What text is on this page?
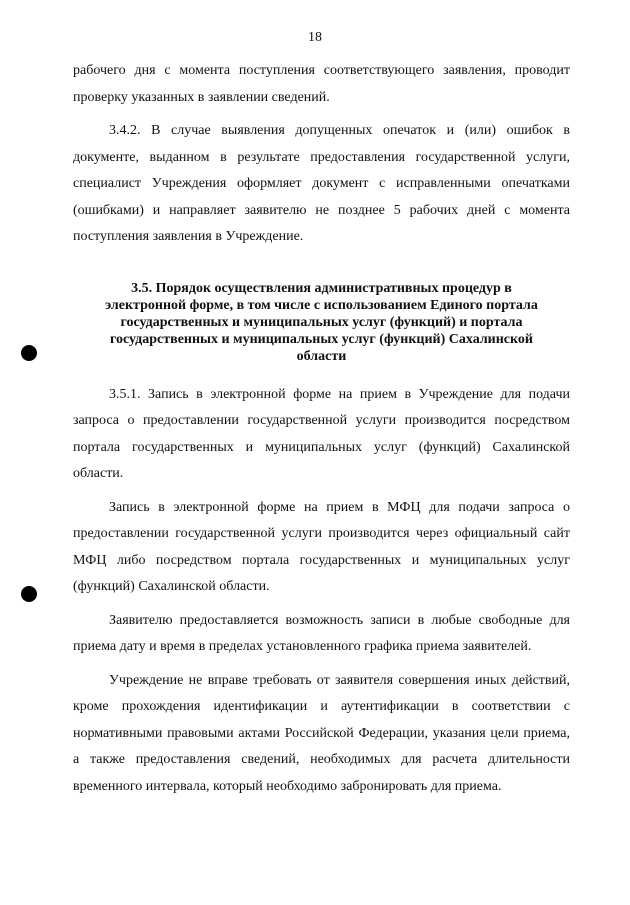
18

рабочего дня с момента поступления соответствующего заявления, проводит проверку указанных в заявлении сведений.

3.4.2. В случае выявления допущенных опечаток и (или) ошибок в документе, выданном в результате предоставления государственной услуги, специалист Учреждения оформляет документ с исправленными опечатками (ошибками) и направляет заявителю не позднее 5 рабочих дней с момента поступления заявления в Учреждение.

3.5. Порядок осуществления административных процедур в электронной форме, в том числе с использованием Единого портала государственных и муниципальных услуг (функций) и портала государственных и муниципальных услуг (функций) Сахалинской области

3.5.1. Запись в электронной форме на прием в Учреждение для подачи запроса о предоставлении государственной услуги производится посредством портала государственных и муниципальных услуг (функций) Сахалинской области.

Запись в электронной форме на прием в МФЦ для подачи запроса о предоставлении государственной услуги производится через официальный сайт МФЦ либо посредством портала государственных и муниципальных услуг (функций) Сахалинской области.

Заявителю предоставляется возможность записи в любые свободные для приема дату и время в пределах установленного графика приема заявителей.

Учреждение не вправе требовать от заявителя совершения иных действий, кроме прохождения идентификации и аутентификации в соответствии с нормативными правовыми актами Российской Федерации, указания цели приема, а также предоставления сведений, необходимых для расчета длительности временного интервала, который необходимо забронировать для приема.
